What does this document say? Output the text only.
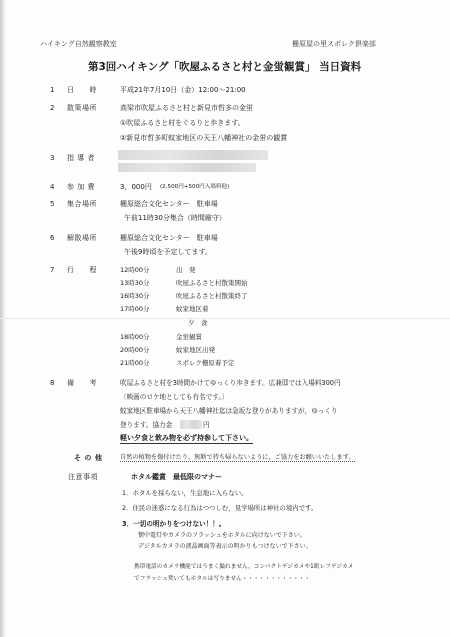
ハイキング自然観察教室	栅原屋の里スポレク倶楽部
第3回ハイキング「吹屋ふるさと村と金蛍観賞」 当日資料
1 日　　時	平成21年7月10日（金）12:00～21:00
2 散策場所	高梁市吹屋ふるさと村と新見市哲多の金蛍
①吹屋ふるさと村をぐるりと歩きます。
②新見市哲多町蚊家地区の天王八幡神社の金蛍の観賞
3 指 導 者
4 参 加 費	3，000円 (2,500円+500円入場料他)
5 集合場所	栅原総合文化センター　駐車場
午前11時30分集合（時間厳守）
6 解散場所	栅原総合文化センター　駐車場
午後9時頃を予定してます。
7 行　　程	12時00分	出　発
13時30分	吹屋ふるさと村散策開始
16時30分	吹屋ふるさと村散策終了
17時00分	蚊家地区着
夕　食
18時00分	金蛍観賞
20時00分	蚊家地区出発
21時00分	スポレク栅原着予定
8 備　　考	吹屋ふるさと村を3時間かけてゆっくり歩きます。広兼邸では入場料300円
〔映画のロケ地としても有名です。〕
蚊家地区駐車場から天王八幡神社迄は急坂な登りがありますが，ゆっくり
登ります。協力金	円
軽い夕食と飲み物を必ず持参して下さい。
そ の 他	自然の植物を傷付けたり，無断で持ち帰らないように，ご協力をお願いいたします。
注意事項	ホタル鑑賞　最低限のマナー
1．ホタルを採らない，生息地に入らない。
2．住民の迷惑になる行為はつつしむ，見学場所は神社の境内です。
3．一切の明かりをつけない！！。
懐中電灯やカメラのフラッシュをホタルに向けないで下さい。
デジタルカメラの液晶画面等表示の明かりもつけないで下さい。
携帯電話のカメラ機能ではうまく撮れません。コンパクトデジカメや1眼レフデジカメ
でフラッシュ焚いてもホタルは写りません・・・・・・・・・・・・
